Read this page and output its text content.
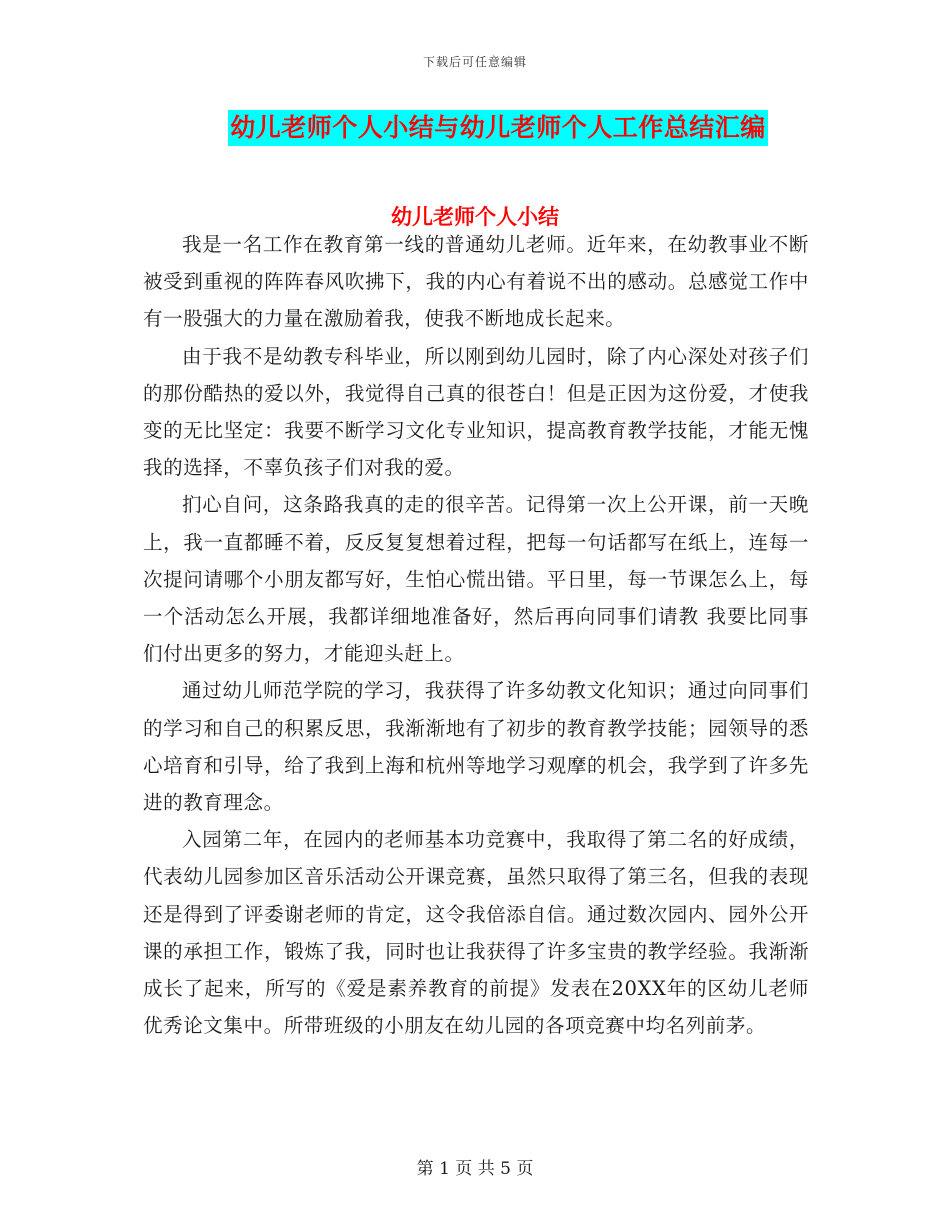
下载后可任意编辑
幼儿老师个人小结与幼儿老师个人工作总结汇编
幼儿老师个人小结

我是一名工作在教育第一线的普通幼儿老师。近年来，在幼教事业不断被受到重视的阵阵春风吹拂下，我的内心有着说不出的感动。总感觉工作中有一股强大的力量在激励着我，使我不断地成长起来。

由于我不是幼教专科毕业，所以刚到幼儿园时，除了内心深处对孩子们的那份酷热的爱以外，我觉得自己真的很苍白！但是正因为这份爱，才使我变的无比坚定：我要不断学习文化专业知识，提高教育教学技能，才能无愧我的选择，不辜负孩子们对我的爱。

扪心自问，这条路我真的走的很辛苦。记得第一次上公开课，前一天晚上，我一直都睡不着，反反复复想着过程，把每一句话都写在纸上，连每一次提问请哪个小朋友都写好，生怕心慌出错。平日里，每一节课怎么上，每一个活动怎么开展，我都详细地准备好，然后再向同事们请教 我要比同事们付出更多的努力，才能迎头赶上。

通过幼儿师范学院的学习，我获得了许多幼教文化知识；通过向同事们的学习和自己的积累反思，我渐渐地有了初步的教育教学技能；园领导的悉心培育和引导，给了我到上海和杭州等地学习观摩的机会，我学到了许多先进的教育理念。

入园第二年，在园内的老师基本功竞赛中，我取得了第二名的好成绩，代表幼儿园参加区音乐活动公开课竞赛，虽然只取得了第三名，但我的表现还是得到了评委谢老师的肯定，这令我倍添自信。通过数次园内、园外公开课的承担工作，锻炼了我，同时也让我获得了许多宝贵的教学经验。我渐渐成长了起来，所写的《爱是素养教育的前提》发表在20XX年的区幼儿老师优秀论文集中。所带班级的小朋友在幼儿园的各项竞赛中均名列前茅。

第 1 页 共 5 页
